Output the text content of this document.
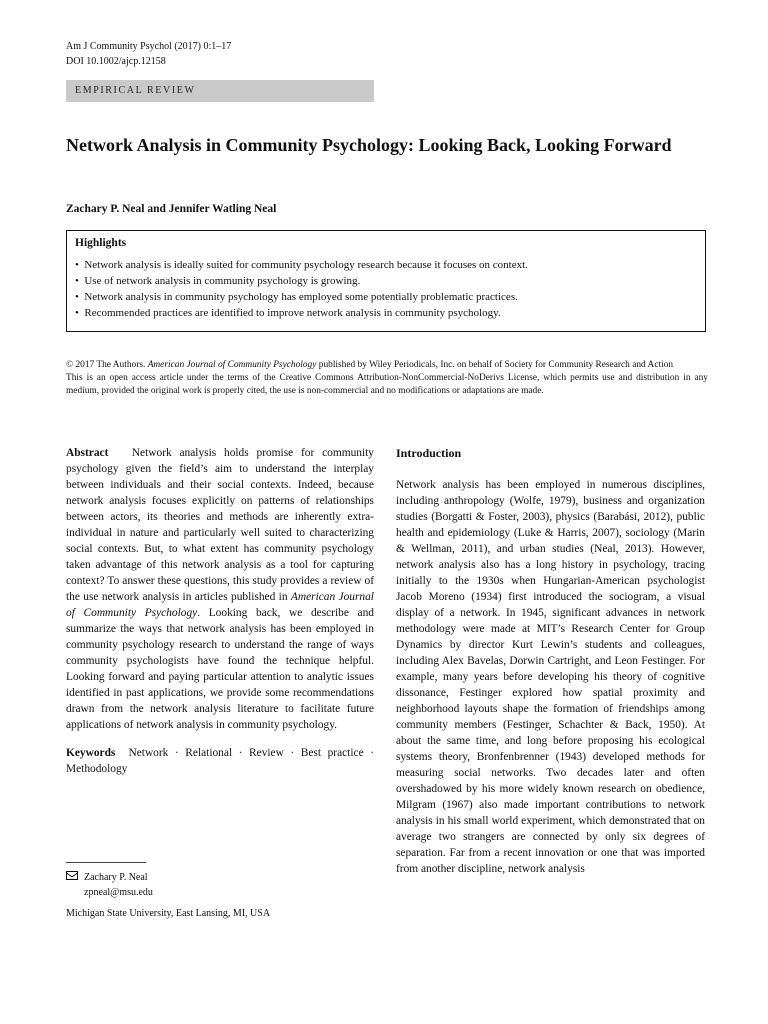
Am J Community Psychol (2017) 0:1–17
DOI 10.1002/ajcp.12158
EMPIRICAL REVIEW
Network Analysis in Community Psychology: Looking Back, Looking Forward
Zachary P. Neal and Jennifer Watling Neal
Highlights
•  Network analysis is ideally suited for community psychology research because it focuses on context.
•  Use of network analysis in community psychology is growing.
•  Network analysis in community psychology has employed some potentially problematic practices.
•  Recommended practices are identified to improve network analysis in community psychology.

© 2017 The Authors. American Journal of Community Psychology published by Wiley Periodicals, Inc. on behalf of Society for Community Research and Action

This is an open access article under the terms of the Creative Commons Attribution-NonCommercial-NoDerivs License, which permits use and distribution in any medium, provided the original work is properly cited, the use is non-commercial and no modifications or adaptations are made.

Abstract Network analysis holds promise for community psychology given the field’s aim to understand the interplay between individuals and their social contexts. Indeed, because network analysis focuses explicitly on patterns of relationships between actors, its theories and methods are inherently extra-individual in nature and particularly well suited to characterizing social contexts. But, to what extent has community psychology taken advantage of this network analysis as a tool for capturing context? To answer these questions, this study provides a review of the use network analysis in articles published in American Journal of Community Psychology. Looking back, we describe and summarize the ways that network analysis has been employed in community psychology research to understand the range of ways community psychologists have found the technique helpful. Looking forward and paying particular attention to analytic issues identified in past applications, we provide some recommendations drawn from the network analysis literature to facilitate future applications of network analysis in community psychology.

Keywords Network · Relational · Review · Best practice · Methodology

Zachary P. Neal
zpneal@msu.edu
Michigan State University, East Lansing, MI, USA
Introduction

Network analysis has been employed in numerous disciplines, including anthropology (Wolfe, 1979), business and organization studies (Borgatti & Foster, 2003), physics (Barabási, 2012), public health and epidemiology (Luke & Harris, 2007), sociology (Marin & Wellman, 2011), and urban studies (Neal, 2013). However, network analysis also has a long history in psychology, tracing initially to the 1930s when Hungarian-American psychologist Jacob Moreno (1934) first introduced the sociogram, a visual display of a network. In 1945, significant advances in network methodology were made at MIT’s Research Center for Group Dynamics by director Kurt Lewin’s students and colleagues, including Alex Bavelas, Dorwin Cartright, and Leon Festinger. For example, many years before developing his theory of cognitive dissonance, Festinger explored how spatial proximity and neighborhood layouts shape the formation of friendships among community members (Festinger, Schachter & Back, 1950). At about the same time, and long before proposing his ecological systems theory, Bronfenbrenner (1943) developed methods for measuring social networks. Two decades later and often overshadowed by his more widely known research on obedience, Milgram (1967) also made important contributions to network analysis in his small world experiment, which demonstrated that on average two strangers are connected by only six degrees of separation. Far from a recent innovation or one that was imported from another discipline, network analysis
